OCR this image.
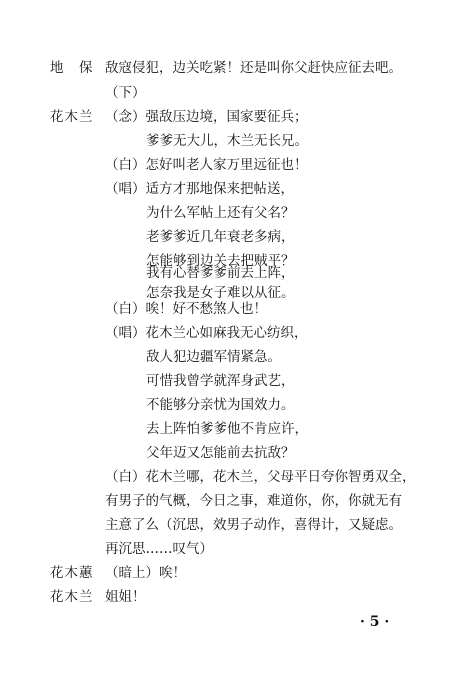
地　保
花木兰
花木蕙
花木兰
敌寇侵犯，边关吃紧！还是叫你父赶快应征去吧。
（下）
（念）强敌压边境，国家要征兵；
爹爹无大儿，木兰无长兄。
（白）怎好叫老人家万里远征也！
（唱）适方才那地保来把帖送，
为什么军帖上还有父名？
老爹爹近几年衰老多病，
怎能够到边关去把贼平？
我有心替爹爹前去上阵，
怎奈我是女子难以从征。
（白）唉！好不愁煞人也！
（唱）花木兰心如麻我无心纺织，
敌人犯边疆军情紧急。
可惜我曾学就浑身武艺，
不能够分亲忧为国效力。
去上阵怕爹爹他不肯应许，
父年迈又怎能前去抗敌？
（白）花木兰哪，花木兰，父母平日夸你智勇双全，
有男子的气概，今日之事，难道你，你，你就无有
主意了么（沉思，效男子动作，喜得计，又疑虑。
再沉思……叹气）
（暗上）唉！
姐姐！
· 5 ·
